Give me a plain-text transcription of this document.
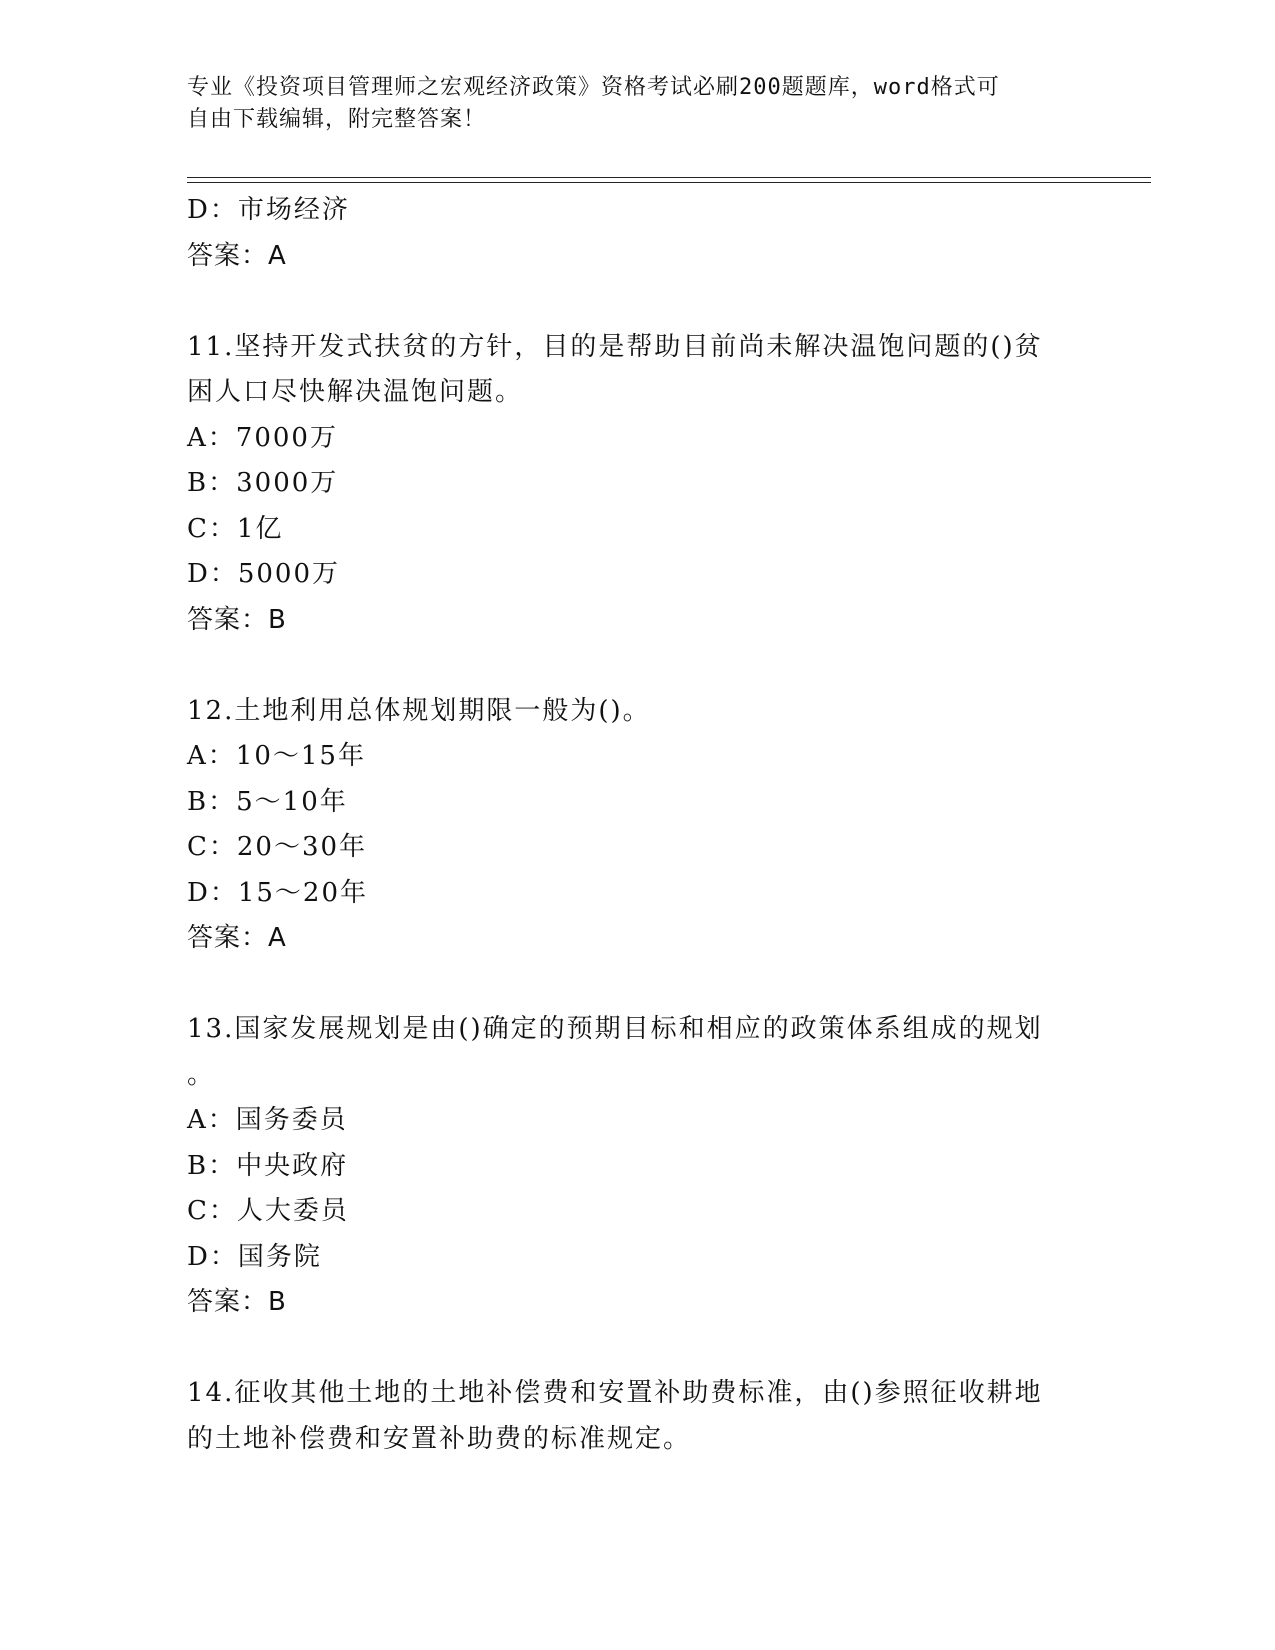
专业《投资项目管理师之宏观经济政策》资格考试必刷200题题库，word格式可
自由下载编辑，附完整答案！
D：市场经济
答案：A
11.坚持开发式扶贫的方针，目的是帮助目前尚未解决温饱问题的()贫
困人口尽快解决温饱问题。
A：7000万
B：3000万
C：1亿
D：5000万
答案：B
12.土地利用总体规划期限一般为()。
A：10～15年
B：5～10年
C：20～30年
D：15～20年
答案：A
13.国家发展规划是由()确定的预期目标和相应的政策体系组成的规划
。
A：国务委员
B：中央政府
C：人大委员
D：国务院
答案：B
14.征收其他土地的土地补偿费和安置补助费标准，由()参照征收耕地
的土地补偿费和安置补助费的标准规定。
